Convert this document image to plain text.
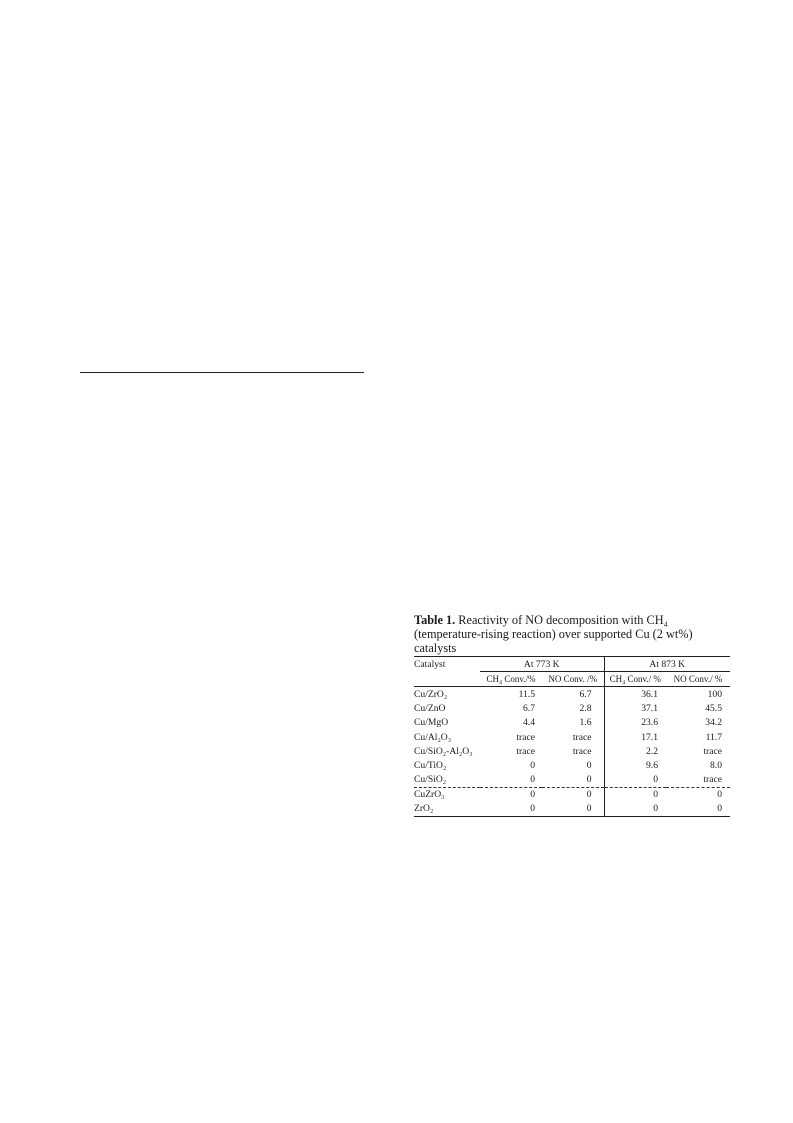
Table 1. Reactivity of NO decomposition with CH₄ (temperature-rising reaction) over supported Cu (2 wt%) catalysts

Catalyst	At 773 K		At 873 K	
	CH₄ Conv./%	NO Conv. /%	CH₄ Conv./ %	NO Conv./ %
Cu/ZrO₂	11.5	6.7	36.1	100
Cu/ZnO	6.7	2.8	37.1	45.5
Cu/MgO	4.4	1.6	23.6	34.2
Cu/Al₂O₃	trace	trace	17.1	11.7
Cu/SiO₂-Al₂O₃	trace	trace	2.2	trace
Cu/TiO₂	0	0	9.6	8.0
Cu/SiO₂	0	0	0	trace
CuZrO₃	0	0	0	0
ZrO₂	0	0	0	0
